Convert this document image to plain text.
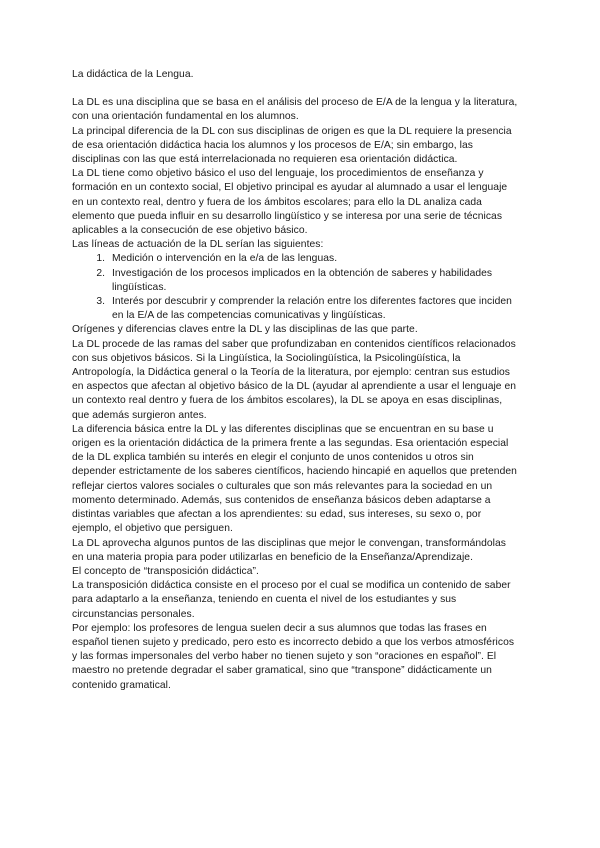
La didáctica de la Lengua.

La DL es una disciplina que se basa en el análisis del proceso de E/A de la lengua y la literatura, con una orientación fundamental en los alumnos.

La principal diferencia de la DL con sus disciplinas de origen es que la DL requiere la presencia de esa orientación didáctica hacia los alumnos y los procesos de E/A; sin embargo, las disciplinas con las que está interrelacionada no requieren esa orientación didáctica.

La DL tiene como objetivo básico el uso del lenguaje, los procedimientos de enseñanza y formación en un contexto social, El objetivo principal es ayudar al alumnado a usar el lenguaje en un contexto real, dentro y fuera de los ámbitos escolares; para ello la DL analiza cada elemento que pueda influir en su desarrollo lingüístico y se interesa por una serie de técnicas aplicables a la consecución de ese objetivo básico.

Las líneas de actuación de la DL serían las siguientes:

1. Medición o intervención en la e/a de las lenguas.
2. Investigación de los procesos implicados en la obtención de saberes y habilidades lingüísticas.
3. Interés por descubrir y comprender la relación entre los diferentes factores que inciden en la E/A de las competencias comunicativas y lingüísticas.

Orígenes y diferencias claves entre la DL y las disciplinas de las que parte.

La DL procede de las ramas del saber que profundizaban en contenidos científicos relacionados con sus objetivos básicos. Si la Lingüística, la Sociolingüística, la Psicolingüística, la Antropología, la Didáctica general o la Teoría de la literatura, por ejemplo: centran sus estudios en aspectos que afectan al objetivo básico de la DL (ayudar al aprendiente a usar el lenguaje en un contexto real dentro y fuera de los ámbitos escolares), la DL se apoya en esas disciplinas, que además surgieron antes.

La diferencia básica entre la DL y las diferentes disciplinas que se encuentran en su base u origen es la orientación didáctica de la primera frente a las segundas. Esa orientación especial de la DL explica también su interés en elegir el conjunto de unos contenidos u otros sin depender estrictamente de los saberes científicos, haciendo hincapié en aquellos que pretenden reflejar ciertos valores sociales o culturales que son más relevantes para la sociedad en un momento determinado. Además, sus contenidos de enseñanza básicos deben adaptarse a distintas variables que afectan a los aprendientes: su edad, sus intereses, su sexo o, por ejemplo, el objetivo que persiguen.

La DL aprovecha algunos puntos de las disciplinas que mejor le convengan, transformándolas en una materia propia para poder utilizarlas en beneficio de la Enseñanza/Aprendizaje.

El concepto de “transposición didáctica”.

La transposición didáctica consiste en el proceso por el cual se modifica un contenido de saber para adaptarlo a la enseñanza, teniendo en cuenta el nivel de los estudiantes y sus circunstancias personales.

Por ejemplo: los profesores de lengua suelen decir a sus alumnos que todas las frases en español tienen sujeto y predicado, pero esto es incorrecto debido a que los verbos atmosféricos y las formas impersonales del verbo haber no tienen sujeto y son “oraciones en español”. El maestro no pretende degradar el saber gramatical, sino que “transpone” didácticamente un contenido gramatical.
